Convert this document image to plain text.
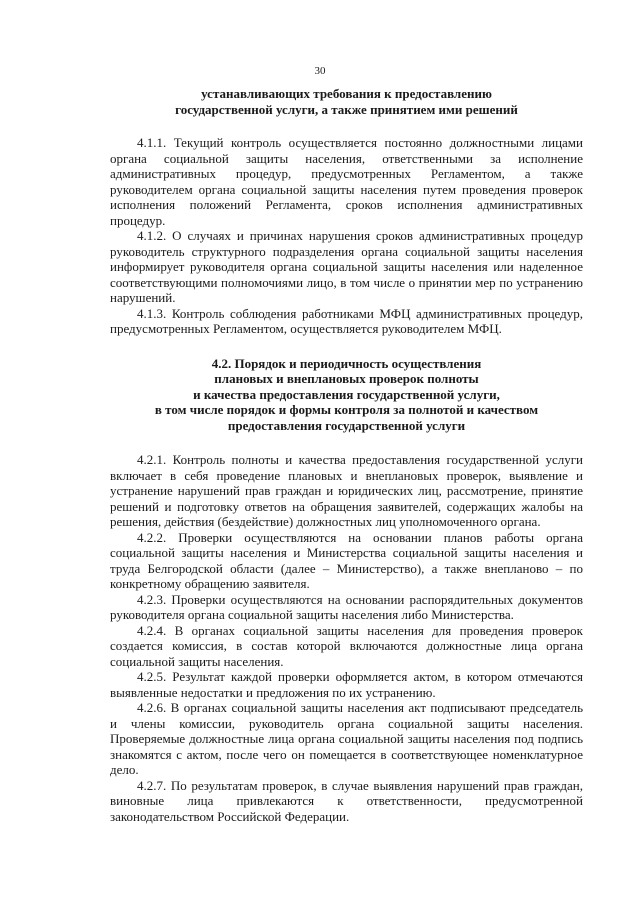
30
устанавливающих требования к предоставлению
государственной услуги, а также принятием ими решений

4.1.1. Текущий контроль осуществляется постоянно должностными лицами органа социальной защиты населения, ответственными за исполнение административных процедур, предусмотренных Регламентом, а также руководителем органа социальной защиты населения путем проведения проверок исполнения положений Регламента, сроков исполнения административных процедур.

4.1.2. О случаях и причинах нарушения сроков административных процедур руководитель структурного подразделения органа социальной защиты населения информирует руководителя органа социальной защиты населения или наделенное соответствующими полномочиями лицо, в том числе о принятии мер по устранению нарушений.

4.1.3. Контроль соблюдения работниками МФЦ административных процедур, предусмотренных Регламентом, осуществляется руководителем МФЦ.

4.2. Порядок и периодичность осуществления
плановых и внеплановых проверок полноты
и качества предоставления государственной услуги,
в том числе порядок и формы контроля за полнотой и качеством
предоставления государственной услуги

4.2.1. Контроль полноты и качества предоставления государственной услуги включает в себя проведение плановых и внеплановых проверок, выявление и устранение нарушений прав граждан и юридических лиц, рассмотрение, принятие решений и подготовку ответов на обращения заявителей, содержащих жалобы на решения, действия (бездействие) должностных лиц уполномоченного органа.

4.2.2. Проверки осуществляются на основании планов работы органа социальной защиты населения и Министерства социальной защиты населения и труда Белгородской области (далее – Министерство), а также внепланово – по конкретному обращению заявителя.

4.2.3. Проверки осуществляются на основании распорядительных документов руководителя органа социальной защиты населения либо Министерства.

4.2.4. В органах социальной защиты населения для проведения проверок создается комиссия, в состав которой включаются должностные лица органа социальной защиты населения.

4.2.5. Результат каждой проверки оформляется актом, в котором отмечаются выявленные недостатки и предложения по их устранению.

4.2.6. В органах социальной защиты населения акт подписывают председатель и члены комиссии, руководитель органа социальной защиты населения. Проверяемые должностные лица органа социальной защиты населения под подпись знакомятся с актом, после чего он помещается в соответствующее номенклатурное дело.

4.2.7. По результатам проверок, в случае выявления нарушений прав граждан, виновные лица привлекаются к ответственности, предусмотренной законодательством Российской Федерации.
